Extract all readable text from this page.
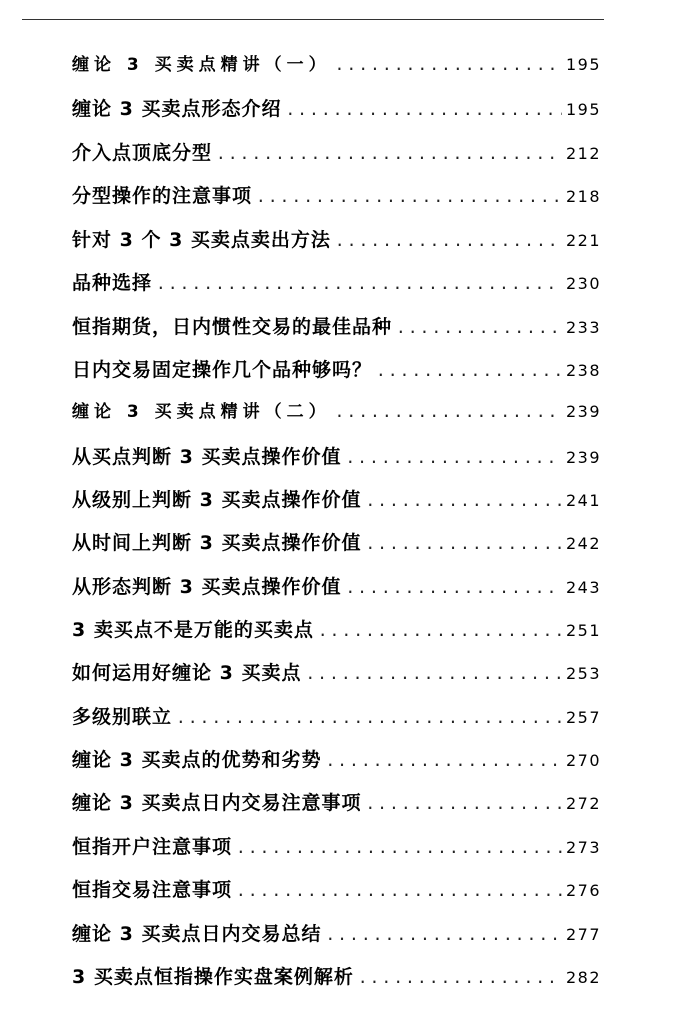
缠论 3 买卖点精讲（一） .....	195
缠论 3 买卖点形态介绍 .....	195
介入点顶底分型 .....	212
分型操作的注意事项 .....	218
针对 3 个 3 买卖点卖出方法 .....	221
品种选择 .....	230
恒指期货，日内惯性交易的最佳品种 .....	233
日内交易固定操作几个品种够吗？ .....	238
缠论 3 买卖点精讲（二） .....	239
从买点判断 3 买卖点操作价值 .....	239
从级别上判断 3 买卖点操作价值 .....	241
从时间上判断 3 买卖点操作价值 .....	242
从形态判断 3 买卖点操作价值 .....	243
3 卖买点不是万能的买卖点 .....	251
如何运用好缠论 3 买卖点 .....	253
多级别联立 .....	257
缠论 3 买卖点的优势和劣势 .....	270
缠论 3 买卖点日内交易注意事项 .....	272
恒指开户注意事项 .....	273
恒指交易注意事项 .....	276
缠论 3 买卖点日内交易总结 .....	277
3 买卖点恒指操作实盘案例解析 .....	282
